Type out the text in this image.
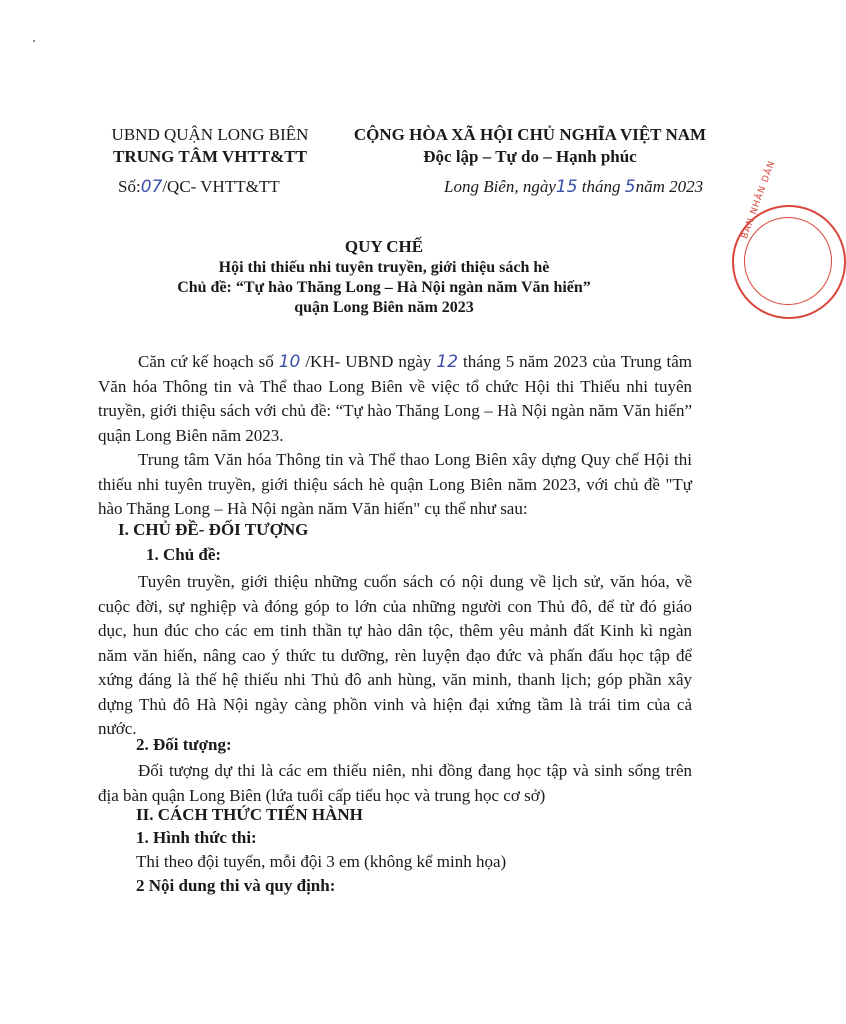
UBND QUẬN LONG BIÊN
TRUNG TÂM VHTT&TT
CỘNG HÒA XÃ HỘI CHỦ NGHĨA VIỆT NAM
Độc lập – Tự do – Hạnh phúc
Số:07/QC- VHTT&TT	Long Biên, ngày15 tháng 5năm 2023
QUY CHẾ
Hội thi thiếu nhi tuyên truyền, giới thiệu sách hè
Chủ đề: “Tự hào Thăng Long – Hà Nội ngàn năm Văn hiến”
quận Long Biên năm 2023
Căn cứ kế hoạch số 10 /KH- UBND ngày 12 tháng 5 năm 2023 của Trung tâm Văn hóa Thông tin và Thể thao Long Biên về việc tổ chức Hội thi Thiếu nhi tuyên truyền, giới thiệu sách với chủ đề: “Tự hào Thăng Long – Hà Nội ngàn năm Văn hiến” quận Long Biên năm 2023.
Trung tâm Văn hóa Thông tin và Thể thao Long Biên xây dựng Quy chế Hội thi thiếu nhi tuyên truyền, giới thiệu sách hè quận Long Biên năm 2023, với chủ đề "Tự hào Thăng Long – Hà Nội ngàn năm Văn hiến" cụ thể như sau:
I. CHỦ ĐỀ- ĐỐI TƯỢNG
1. Chủ đề:
Tuyên truyền, giới thiệu những cuốn sách có nội dung về lịch sử, văn hóa, về cuộc đời, sự nghiệp và đóng góp to lớn của những người con Thủ đô, để từ đó giáo dục, hun đúc cho các em tinh thần tự hào dân tộc, thêm yêu mảnh đất Kinh kì ngàn năm văn hiến, nâng cao ý thức tu dưỡng, rèn luyện đạo đức và phấn đấu học tập để xứng đáng là thế hệ thiếu nhi Thủ đô anh hùng, văn minh, thanh lịch; góp phần xây dựng Thủ đô Hà Nội ngày càng phồn vinh và hiện đại xứng tầm là trái tim của cả nước.
2. Đối tượng:
Đối tượng dự thi là các em thiếu niên, nhi đồng đang học tập và sinh sống trên địa bàn quận Long Biên (lứa tuổi cấp tiểu học và trung học cơ sở)
II. CÁCH THỨC TIẾN HÀNH
1. Hình thức thi:
Thi theo đội tuyển, mỗi đội 3 em (không kể minh họa)
2 Nội dung thi và quy định:
BAN NHÂN DÂN
